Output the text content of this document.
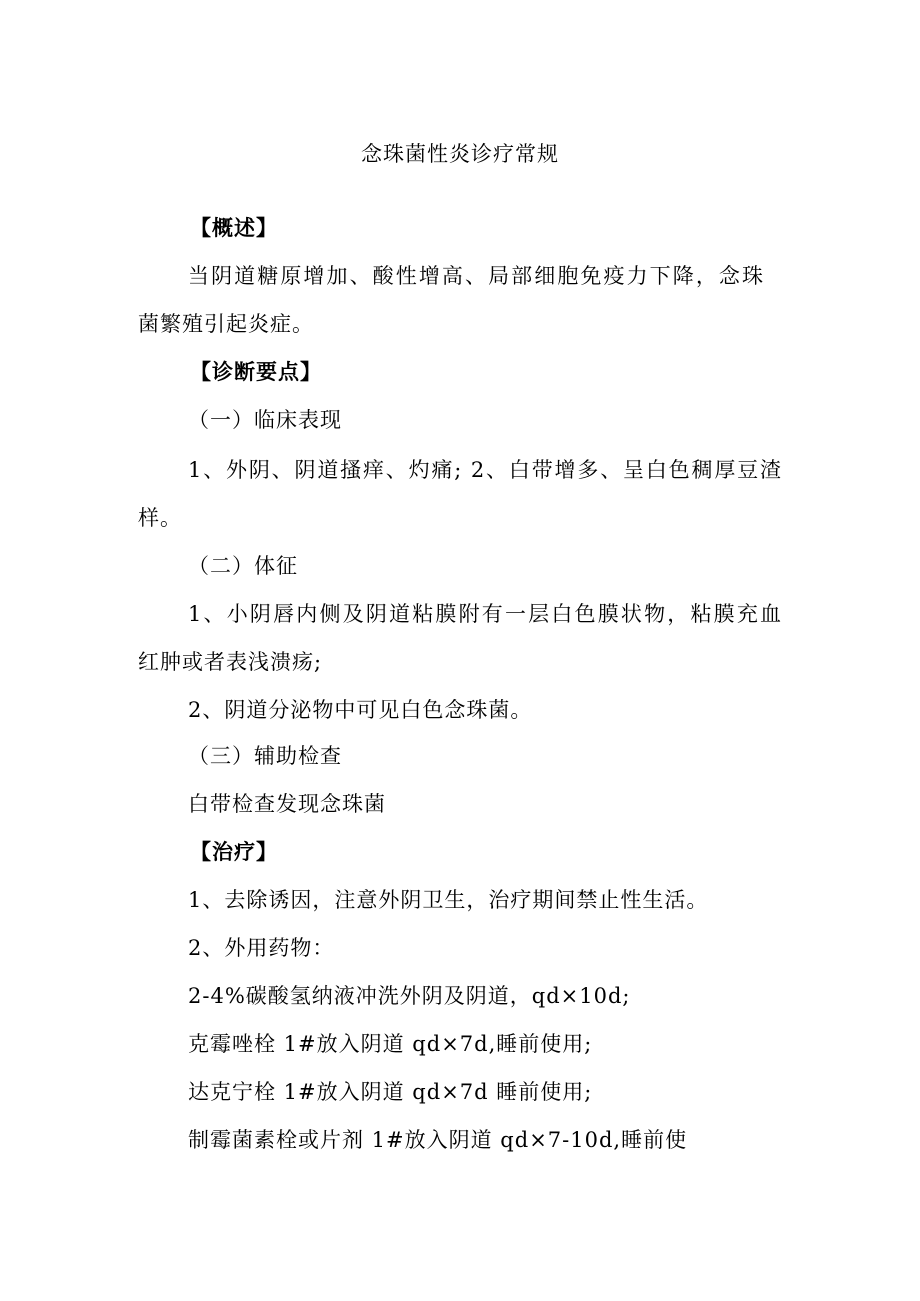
念珠菌性炎诊疗常规
【概述】
当阴道糖原增加、酸性增高、局部细胞免疫力下降，念珠
菌繁殖引起炎症。
【诊断要点】
（一）临床表现
1、外阴、阴道搔痒、灼痛; 2、白带增多、呈白色稠厚豆渣
样。
（二）体征
1、小阴唇内侧及阴道粘膜附有一层白色膜状物，粘膜充血
红肿或者表浅溃疡;
2、阴道分泌物中可见白色念珠菌。
（三）辅助检查
白带检查发现念珠菌
【治疗】
1、去除诱因，注意外阴卫生，治疗期间禁止性生活。
2、外用药物：
2-4%碳酸氢纳液冲洗外阴及阴道，qd×10d;
克霉唑栓 1#放入阴道 qd×7d,睡前使用;
达克宁栓 1#放入阴道 qd×7d 睡前使用;
制霉菌素栓或片剂 1#放入阴道 qd×7-10d,睡前使
